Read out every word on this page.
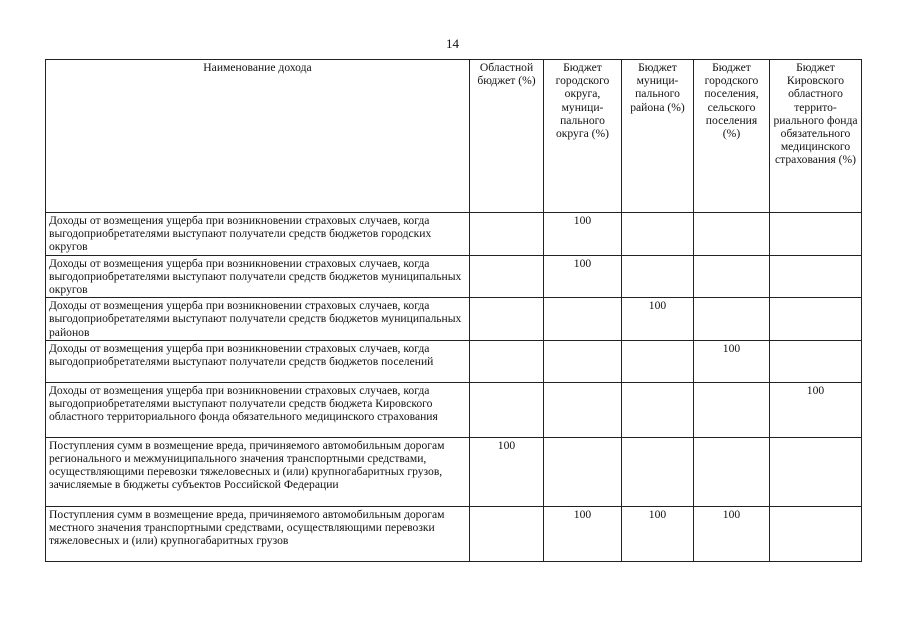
14
Наименование дохода	Областной бюджет (%)	Бюджет городского округа, муници-пального округа (%)	Бюджет муници-пального района (%)	Бюджет городского поселения, сельского поселения (%)	Бюджет Кировского областного террито-риального фонда обязательного медицинского страхования (%)
Доходы от возмещения ущерба при возникновении страховых случаев, когда выгодоприобретателями выступают получатели средств бюджетов городских округов		100			
Доходы от возмещения ущерба при возникновении страховых случаев, когда выгодоприобретателями выступают получатели средств бюджетов муниципальных округов		100			
Доходы от возмещения ущерба при возникновении страховых случаев, когда выгодоприобретателями выступают получатели средств бюджетов муниципальных районов			100		
Доходы от возмещения ущерба при возникновении страховых случаев, когда выгодоприобретателями выступают получатели средств бюджетов поселений				100	
Доходы от возмещения ущерба при возникновении страховых случаев, когда выгодоприобретателями выступают получатели средств бюджета Кировского областного территориального фонда обязательного медицинского страхования					100
Поступления сумм в возмещение вреда, причиняемого автомобильным дорогам регионального и межмуниципального значения транспортными средствами, осуществляющими перевозки тяжеловесных и (или) крупногабаритных грузов, зачисляемые в бюджеты субъектов Российской Федерации	100				
Поступления сумм в возмещение вреда, причиняемого автомобильным дорогам местного значения транспортными средствами, осуществляющими перевозки тяжеловесных и (или) крупногабаритных грузов		100	100	100	
